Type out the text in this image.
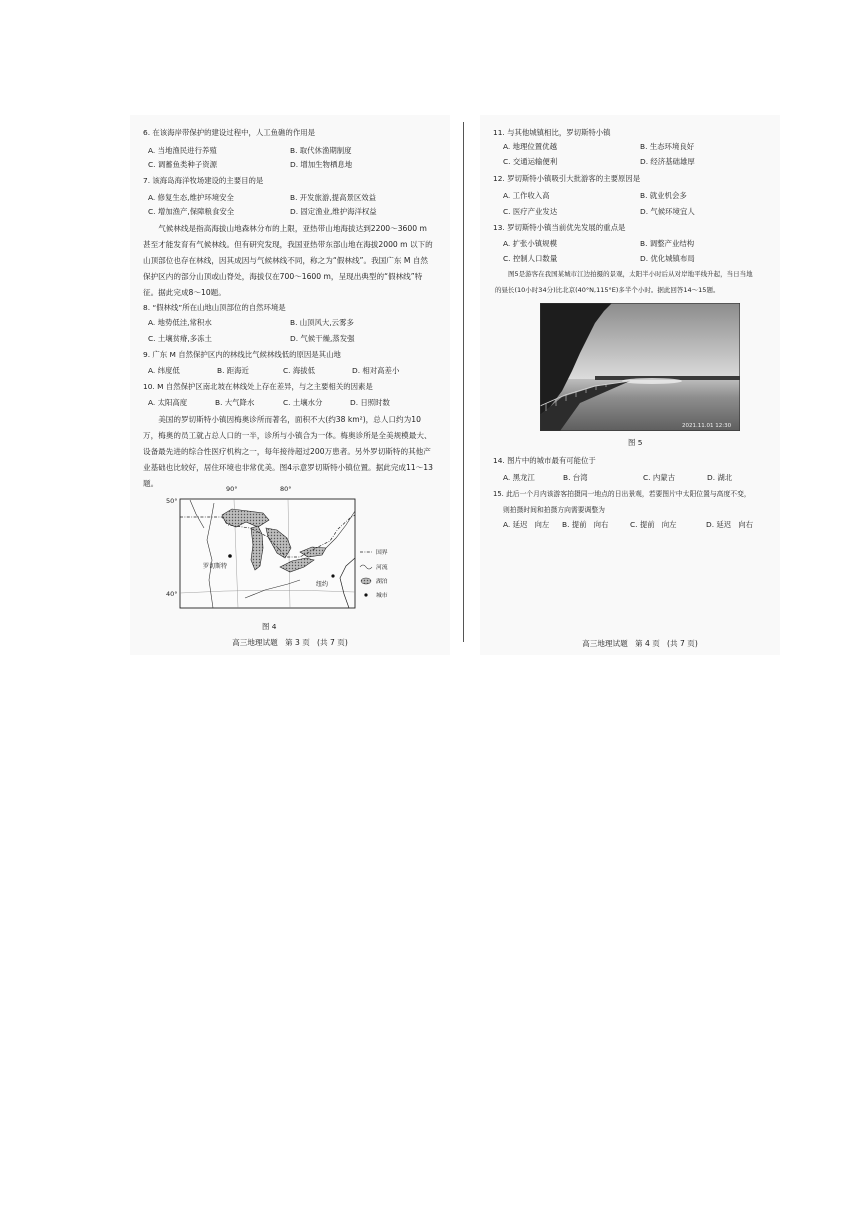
6. 在该海岸带保护的建设过程中，人工鱼礁的作用是
A. 当地渔民进行养殖	B. 取代休渔期制度
C. 调蓄鱼类种子资源	D. 增加生物栖息地
7. 该海岛海洋牧场建设的主要目的是
A. 修复生态,维护环境安全	B. 开发旅游,提高景区效益
C. 增加渔产,保障粮食安全	D. 固定渔业,维护海洋权益
气候林线是指高海拔山地森林分布的上限，亚热带山地海拔达到2200～3600 m 甚至才能发育有气候林线。但有研究发现，我国亚热带东部山地在海拔2000 m 以下的山顶部位也存在林线，因其成因与气候林线不同，称之为“假林线”。我国广东 M 自然保护区内的部分山顶或山脊处，海拔仅在700～1600 m，呈现出典型的“假林线”特征。据此完成8～10题。
8. “假林线”所在山地山顶部位的自然环境是
A. 地势低洼,常积水	B. 山顶风大,云雾多
C. 土壤贫瘠,多冻土	D. 气候干燥,蒸发强
9. 广东 M 自然保护区内的林线比气候林线低的原因是其山地
A. 纬度低	B. 距海近	C. 海拔低	D. 相对高差小
10. M 自然保护区南北坡在林线处上存在差异，与之主要相关的因素是
A. 太阳高度	B. 大气降水	C. 土壤水分	D. 日照时数
美国的罗切斯特小镇因梅奥诊所而著名，面积不大(约38 km²)，总人口约为10万，梅奥的员工就占总人口的一半，诊所与小镇合为一体。梅奥诊所是全美规模最大、设备最先进的综合性医疗机构之一，每年接待超过200万患者。另外罗切斯特的其他产业基础也比较好，居住环境也非常优美。图4示意罗切斯特小镇位置。据此完成11～13题。
90°	80°
50°
40°
罗切斯特
纽约
国界
河流
湖泊
城市
图 4
高三地理试题   第 3 页   (共 7 页)
11. 与其他城镇相比，罗切斯特小镇
A. 地理位置优越	B. 生态环境良好
C. 交通运输便利	D. 经济基础雄厚
12. 罗切斯特小镇吸引大批游客的主要原因是
A. 工作收入高	B. 就业机会多
C. 医疗产业发达	D. 气候环境宜人
13. 罗切斯特小镇当前优先发展的重点是
A. 扩张小镇规模	B. 调整产业结构
C. 控制人口数量	D. 优化城镇布局
图5是游客在我国某城市江边拍摄的景观，太阳半小时后从对岸地平线升起，当日当地的昼长(10小时34分)比北京(40°N,115°E)多半个小时。据此回答14～15题。
2021.11.01 12:30
图 5
14. 图片中的城市最有可能位于
A. 黑龙江	B. 台湾	C. 内蒙古	D. 湖北
15. 此后一个月内该游客拍摄同一地点的日出景观，若要图片中太阳位置与高度不变，
则拍摄时间和拍摄方向需要调整为
A. 延迟   向左 B. 提前   向右	C. 提前   向左	D. 延迟   向右
高三地理试题   第 4 页   (共 7 页)
